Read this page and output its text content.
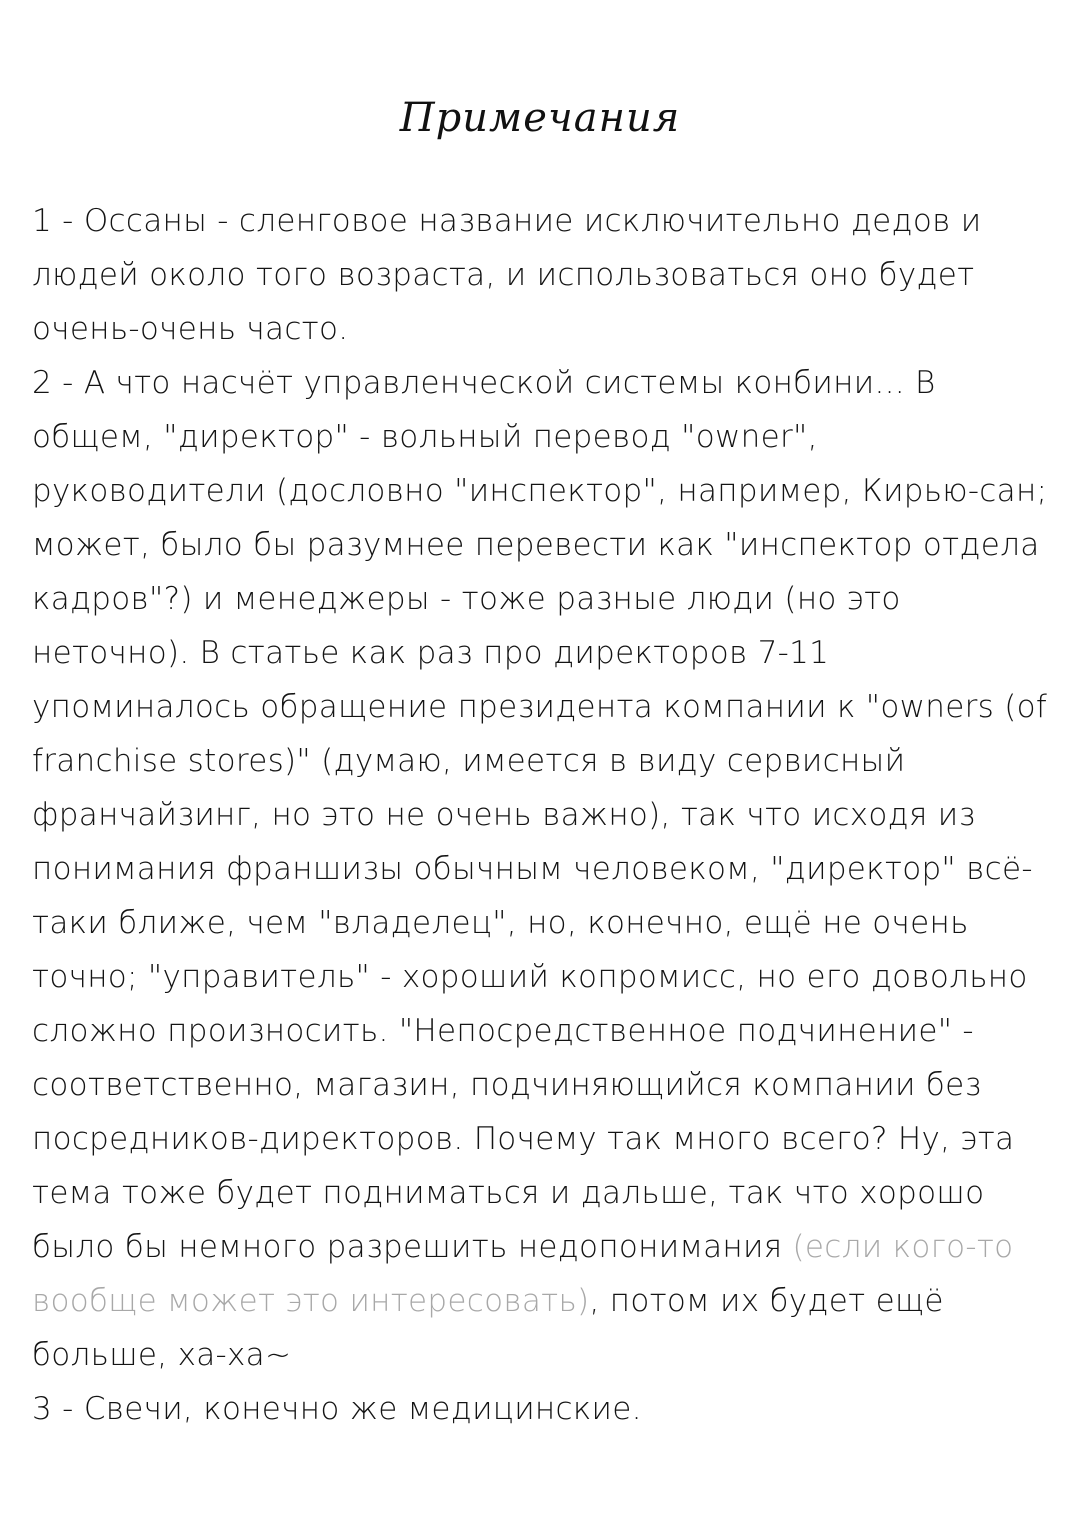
Примечания

1 - Оссаны - сленговое название исключительно дедов и людей около того возраста, и использоваться оно будет очень-очень часто.

2 - А что насчёт управленческой системы конбини... В общем, "директор" - вольный перевод "owner", руководители (дословно "инспектор", например, Кирью-сан; может, было бы разумнее перевести как "инспектор отдела кадров"?) и менеджеры - тоже разные люди (но это неточно). В статье как раз про директоров 7-11 упоминалось обращение президента компании к "owners (of franchise stores)" (думаю, имеется в виду сервисный франчайзинг, но это не очень важно), так что исходя из понимания франшизы обычным человеком, "директор" всё-таки ближе, чем "владелец", но, конечно, ещё не очень точно; "управитель" - хороший копромисс, но его довольно сложно произносить. "Непосредственное подчинение" - соответственно, магазин, подчиняющийся компании без посредников-директоров. Почему так много всего? Ну, эта тема тоже будет подниматься и дальше, так что хорошо было бы немного разрешить недопонимания (если кого-то вообще может это интересовать), потом их будет ещё больше, ха-ха~

3 - Свечи, конечно же медицинские.
